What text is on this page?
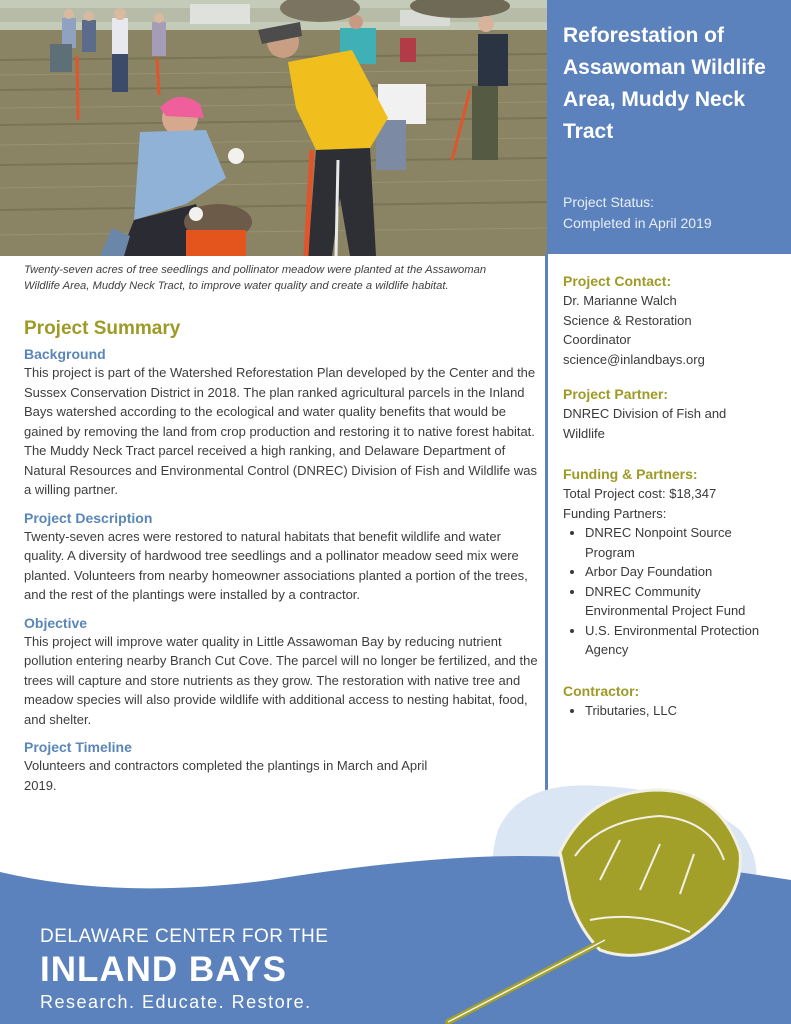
Twenty-seven acres of tree seedlings and pollinator meadow were planted at the Assawoman Wildlife Area, Muddy Neck Tract, to improve water quality and create a wildlife habitat.
Reforestation of Assawoman Wildlife Area, Muddy Neck Tract
Project Status:
Completed in April 2019
Project Summary
Background
This project is part of the Watershed Reforestation Plan developed by the Center and the Sussex Conservation District in 2018. The plan ranked agricultural parcels in the Inland Bays watershed according to the ecological and water quality benefits that would be gained by removing the land from crop production and restoring it to native forest habitat. The Muddy Neck Tract parcel received a high ranking, and Delaware Department of Natural Resources and Environmental Control (DNREC) Division of Fish and Wildlife was a willing partner.
Project Description
Twenty-seven acres were restored to natural habitats that benefit wildlife and water quality. A diversity of hardwood tree seedlings and a pollinator meadow seed mix were planted. Volunteers from nearby homeowner associations planted a portion of the trees, and the rest of the plantings were installed by a contractor.
Objective
This project will improve water quality in Little Assawoman Bay by reducing nutrient pollution entering nearby Branch Cut Cove. The parcel will no longer be fertilized, and the trees will capture and store nutrients as they grow. The restoration with native tree and meadow species will also provide wildlife with additional access to nesting habitat, food, and shelter.
Project Timeline
Volunteers and contractors completed the plantings in March and April 2019.
Project Contact:
Dr. Marianne Walch
Science & Restoration Coordinator
science@inlandbays.org
Project Partner:
DNREC Division of Fish and Wildlife
Funding & Partners:
Total Project cost: $18,347
Funding Partners:
• DNREC Nonpoint Source Program
• Arbor Day Foundation
• DNREC Community Environmental Project Fund
• U.S. Environmental Protection Agency
Contractor:
• Tributaries, LLC
DELAWARE CENTER FOR THE
INLAND BAYS
Research. Educate. Restore.
